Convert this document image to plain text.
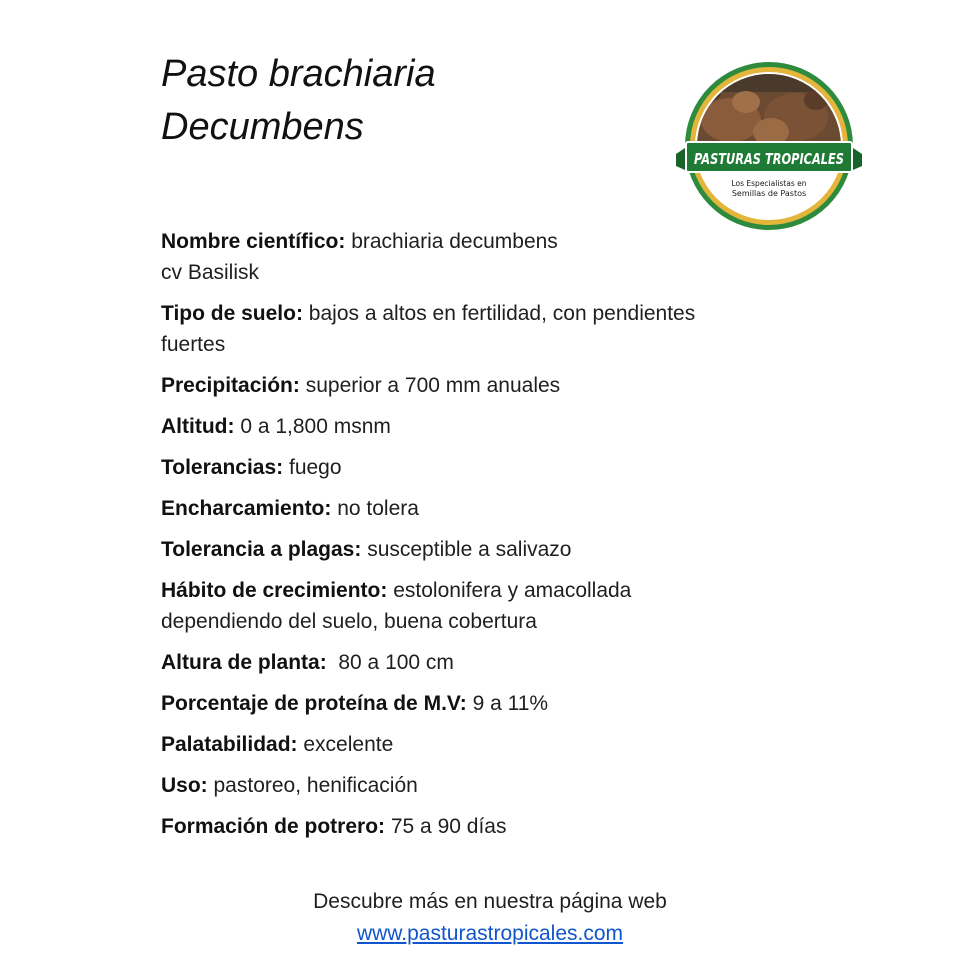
Pasto brachiaria
Decumbens
PASTURAS TROPICALES
Los Especialistas en
Semillas de Pastos
Nombre científico: brachiaria decumbens
cv Basilisk
Tipo de suelo: bajos a altos en fertilidad, con pendientes
fuertes
Precipitación: superior a 700 mm anuales
Altitud: 0 a 1,800 msnm
Tolerancias: fuego
Encharcamiento: no tolera
Tolerancia a plagas: susceptible a salivazo
Hábito de crecimiento: estolonifera y amacollada
dependiendo del suelo, buena cobertura
Altura de planta:  80 a 100 cm
Porcentaje de proteína de M.V: 9 a 11%
Palatabilidad: excelente
Uso: pastoreo, henificación
Formación de potrero: 75 a 90 días
Descubre más en nuestra página web
www.pasturastropicales.com
